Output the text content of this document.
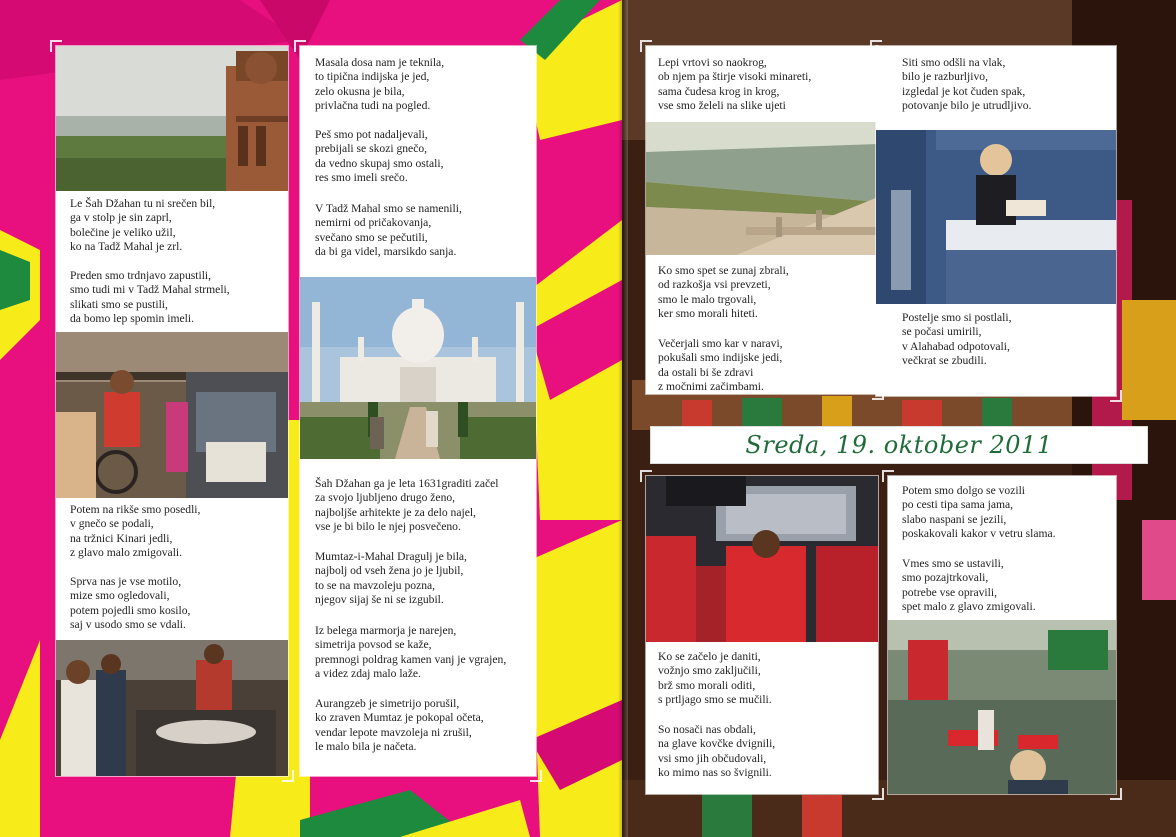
Le Šah Džahan tu ni srečen bil,
ga v stolp je sin zaprl,
bolečine je veliko užil,
ko na Tadž Mahal je zrl.
Preden smo trdnjavo zapustili,
smo tudi mi v Tadž Mahal strmeli,
slikati smo se pustili,
da bomo lep spomin imeli.
Potem na rikše smo posedli,
v gnečo se podali,
na tržnici Kinari jedli,
z glavo malo zmigovali.
Sprva nas je vse motilo,
mize smo ogledovali,
potem pojedli smo kosilo,
saj v usodo smo se vdali.
Masala dosa nam je teknila,
to tipična indijska je jed,
zelo okusna je bila,
privlačna tudi na pogled.
Peš smo pot nadaljevali,
prebijali se skozi gnečo,
da vedno skupaj smo ostali,
res smo imeli srečo.
V Tadž Mahal smo se namenili,
nemirni od pričakovanja,
svečano smo se pečutili,
da bi ga videl, marsikdo sanja.
Šah Džahan ga je leta 1631graditi začel
za svojo ljubljeno drugo ženo,
najboljše arhitekte je za delo najel,
vse je bi bilo le njej posvečeno.
Mumtaz-i-Mahal Dragulj je bila,
najbolj od vseh žena jo je ljubil,
to se na mavzoleju pozna,
njegov sijaj še ni se izgubil.
Iz belega marmorja je narejen,
simetrija povsod se kaže,
premnogi poldrag kamen vanj je vgrajen,
a videz zdaj malo laže.
Aurangzeb je simetrijo porušil,
ko zraven Mumtaz je pokopal očeta,
vendar lepote mavzoleja ni zrušil,
le malo bila je načeta.
Lepi vrtovi so naokrog,
ob njem pa štirje visoki minareti,
sama čudesa krog in krog,
vse smo želeli na slike ujeti
Ko smo spet se zunaj zbrali,
od razkošja vsi prevzeti,
smo le malo trgovali,
ker smo morali hiteti.
Večerjali smo kar v naravi,
pokušali smo indijske jedi,
da ostali bi še zdravi
z močnimi začimbami.
Siti smo odšli na vlak,
bilo je razburljivo,
izgledal je kot čuden spak,
potovanje bilo je utrudljivo.
Postelje smo si postlali,
se počasi umirili,
v Alahabad odpotovali,
večkrat se zbudili.
Sreda, 19. oktober 2011
Ko se začelo je daniti,
vožnjo smo zaključili,
brž smo morali oditi,
s prtljago smo se mučili.
So nosači nas obdali,
na glave kovčke dvignili,
vsi smo jih občudovali,
ko mimo nas so švignili.
Potem smo dolgo se vozili
po cesti tipa sama jama,
slabo naspani se jezili,
poskakovali kakor v vetru slama.
Vmes smo se ustavili,
smo pozajtrkovali,
potrebe vse opravili,
spet malo z glavo zmigovali.
